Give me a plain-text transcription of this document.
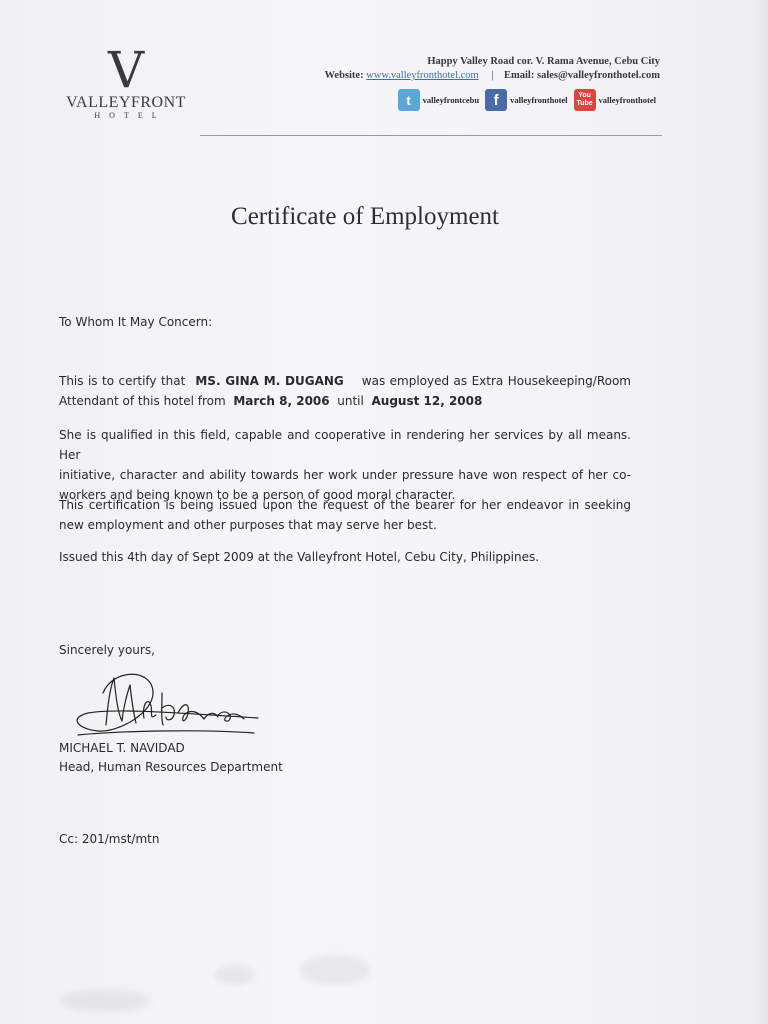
V
VALLEYFRONT
HOTEL
Happy Valley Road cor. V. Rama Avenue, Cebu City
Website: www.valleyfronthotel.com | Email: sales@valleyfronthotel.com
t	valleyfrontcebu f	valleyfronthotel	You Tube valleyfronthotel
Certificate of Employment
To Whom It May Concern:
This is to certify that MS. GINA M. DUGANG was employed as Extra Housekeeping/Room
Attendant of this hotel from March 8, 2006 until August 12, 2008
She is qualified in this field, capable and cooperative in rendering her services by all means. Her
initiative, character and ability towards her work under pressure have won respect of her co-
workers and being known to be a person of good moral character.
This certification is being issued upon the request of the bearer for her endeavor in seeking
new employment and other purposes that may serve her best.
Issued this 4th day of Sept 2009 at the Valleyfront Hotel, Cebu City, Philippines.
Sincerely yours,
MICHAEL T. NAVIDAD
Head, Human Resources Department
Cc: 201/mst/mtn
